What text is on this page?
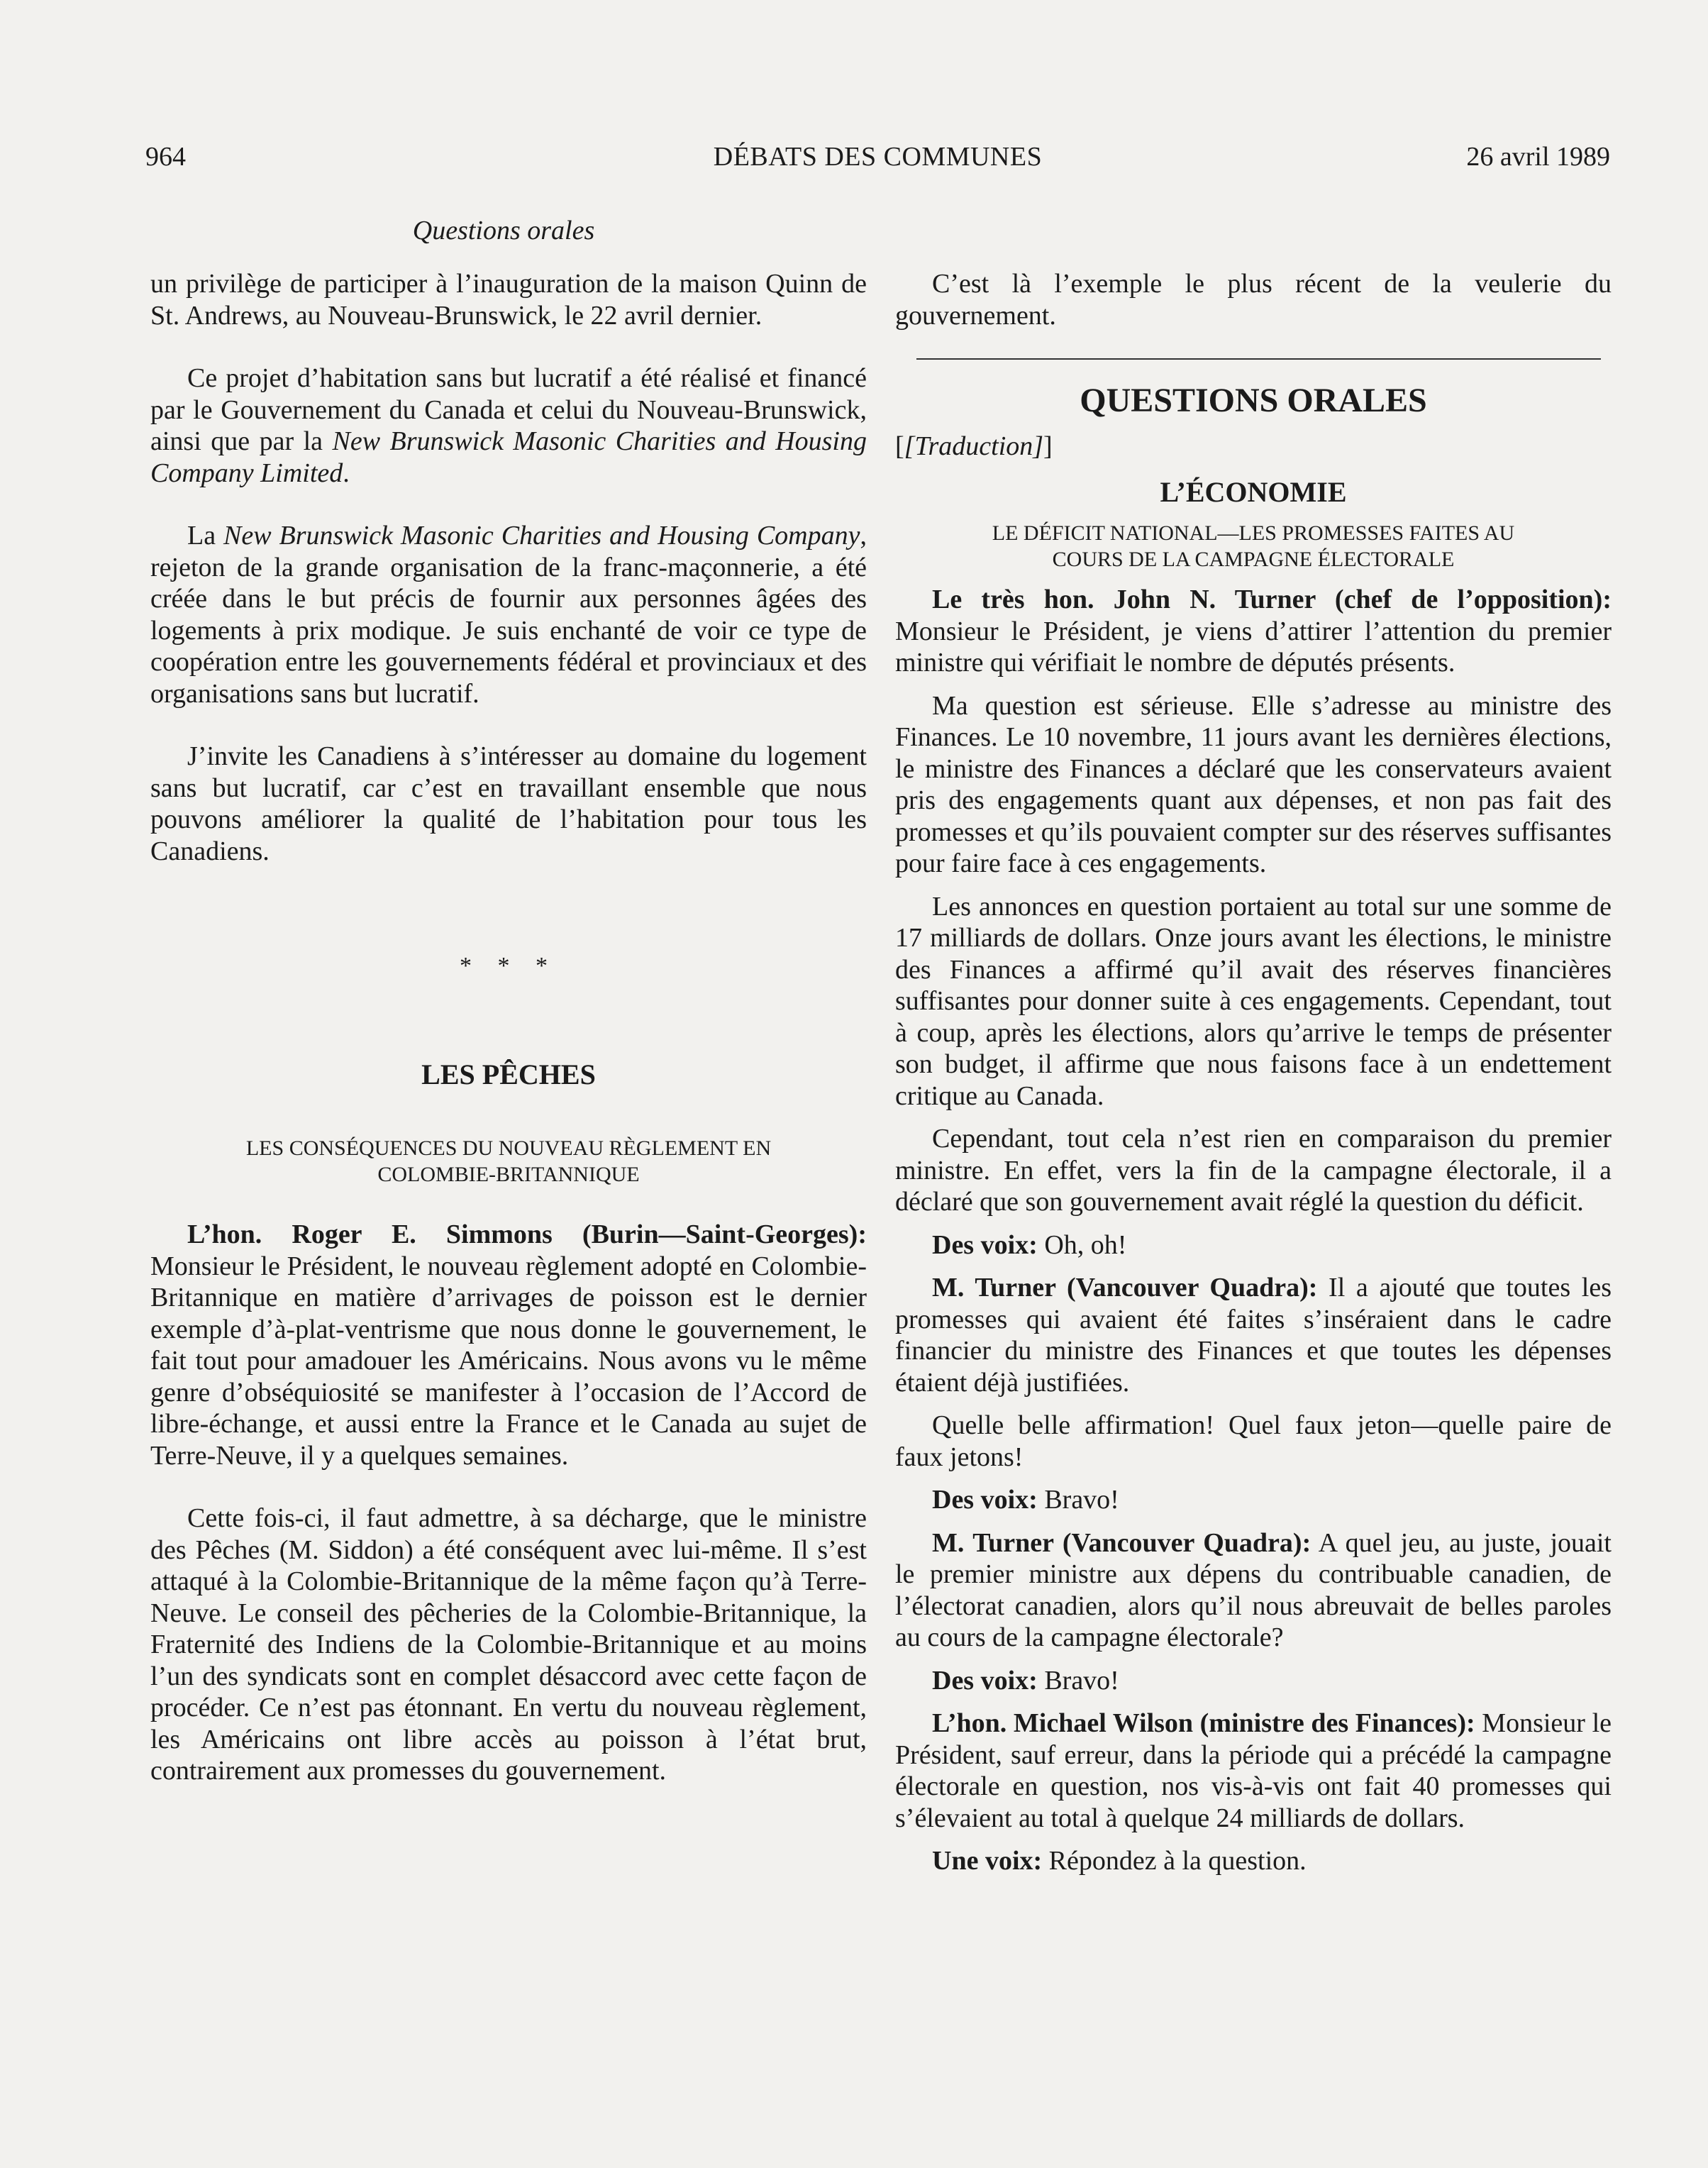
964	DÉBATS DES COMMUNES	26 avril 1989
Questions orales

un privilège de participer à l’inauguration de la maison Quinn de St. Andrews, au Nouveau-Brunswick, le 22 avril dernier.

Ce projet d’habitation sans but lucratif a été réalisé et financé par le Gouvernement du Canada et celui du Nouveau-Brunswick, ainsi que par la New Brunswick Masonic Charities and Housing Company Limited.

La New Brunswick Masonic Charities and Housing Company, rejeton de la grande organisation de la franc-maçonnerie, a été créée dans le but précis de fournir aux personnes âgées des logements à prix modique. Je suis enchanté de voir ce type de coopération entre les gouvernements fédéral et provinciaux et des organisations sans but lucratif.

J’invite les Canadiens à s’intéresser au domaine du logement sans but lucratif, car c’est en travaillant ensemble que nous pouvons améliorer la qualité de l’habitation pour tous les Canadiens.

* * *
LES PÊCHES
LES CONSÉQUENCES DU NOUVEAU RÈGLEMENT EN
COLOMBIE-BRITANNIQUE

L’hon. Roger E. Simmons (Burin—Saint-Georges): Monsieur le Président, le nouveau règlement adopté en Colombie-Britannique en matière d’arrivages de poisson est le dernier exemple d’à-plat-ventrisme que nous donne le gouvernement, le fait tout pour amadouer les Américains. Nous avons vu le même genre d’obséquiosité se manifester à l’occasion de l’Accord de libre-échange, et aussi entre la France et le Canada au sujet de Terre-Neuve, il y a quelques semaines.

Cette fois-ci, il faut admettre, à sa décharge, que le ministre des Pêches (M. Siddon) a été conséquent avec lui-même. Il s’est attaqué à la Colombie-Britannique de la même façon qu’à Terre-Neuve. Le conseil des pêcheries de la Colombie-Britannique, la Fraternité des Indiens de la Colombie-Britannique et au moins l’un des syndicats sont en complet désaccord avec cette façon de procéder. Ce n’est pas étonnant. En vertu du nouveau règlement, les Américains ont libre accès au poisson à l’état brut, contrairement aux promesses du gouvernement.

C’est là l’exemple le plus récent de la veulerie du gouvernement.

QUESTIONS ORALES

[[Traduction]]

L’ÉCONOMIE
LE DÉFICIT NATIONAL—LES PROMESSES FAITES AU
COURS DE LA CAMPAGNE ÉLECTORALE

Le très hon. John N. Turner (chef de l’opposition): Monsieur le Président, je viens d’attirer l’attention du premier ministre qui vérifiait le nombre de députés présents.

Ma question est sérieuse. Elle s’adresse au ministre des Finances. Le 10 novembre, 11 jours avant les dernières élections, le ministre des Finances a déclaré que les conservateurs avaient pris des engagements quant aux dépenses, et non pas fait des promesses et qu’ils pouvaient compter sur des réserves suffisantes pour faire face à ces engagements.

Les annonces en question portaient au total sur une somme de 17 milliards de dollars. Onze jours avant les élections, le ministre des Finances a affirmé qu’il avait des réserves financières suffisantes pour donner suite à ces engagements. Cependant, tout à coup, après les élections, alors qu’arrive le temps de présenter son budget, il affirme que nous faisons face à un endettement critique au Canada.

Cependant, tout cela n’est rien en comparaison du premier ministre. En effet, vers la fin de la campagne électorale, il a déclaré que son gouvernement avait réglé la question du déficit.

Des voix: Oh, oh!

M. Turner (Vancouver Quadra): Il a ajouté que toutes les promesses qui avaient été faites s’inséraient dans le cadre financier du ministre des Finances et que toutes les dépenses étaient déjà justifiées.

Quelle belle affirmation! Quel faux jeton—quelle paire de faux jetons!

Des voix: Bravo!

M. Turner (Vancouver Quadra): A quel jeu, au juste, jouait le premier ministre aux dépens du contribuable canadien, de l’électorat canadien, alors qu’il nous abreuvait de belles paroles au cours de la campagne électorale?

Des voix: Bravo!

L’hon. Michael Wilson (ministre des Finances): Monsieur le Président, sauf erreur, dans la période qui a précédé la campagne électorale en question, nos vis-à-vis ont fait 40 promesses qui s’élevaient au total à quelque 24 milliards de dollars.

Une voix: Répondez à la question.
